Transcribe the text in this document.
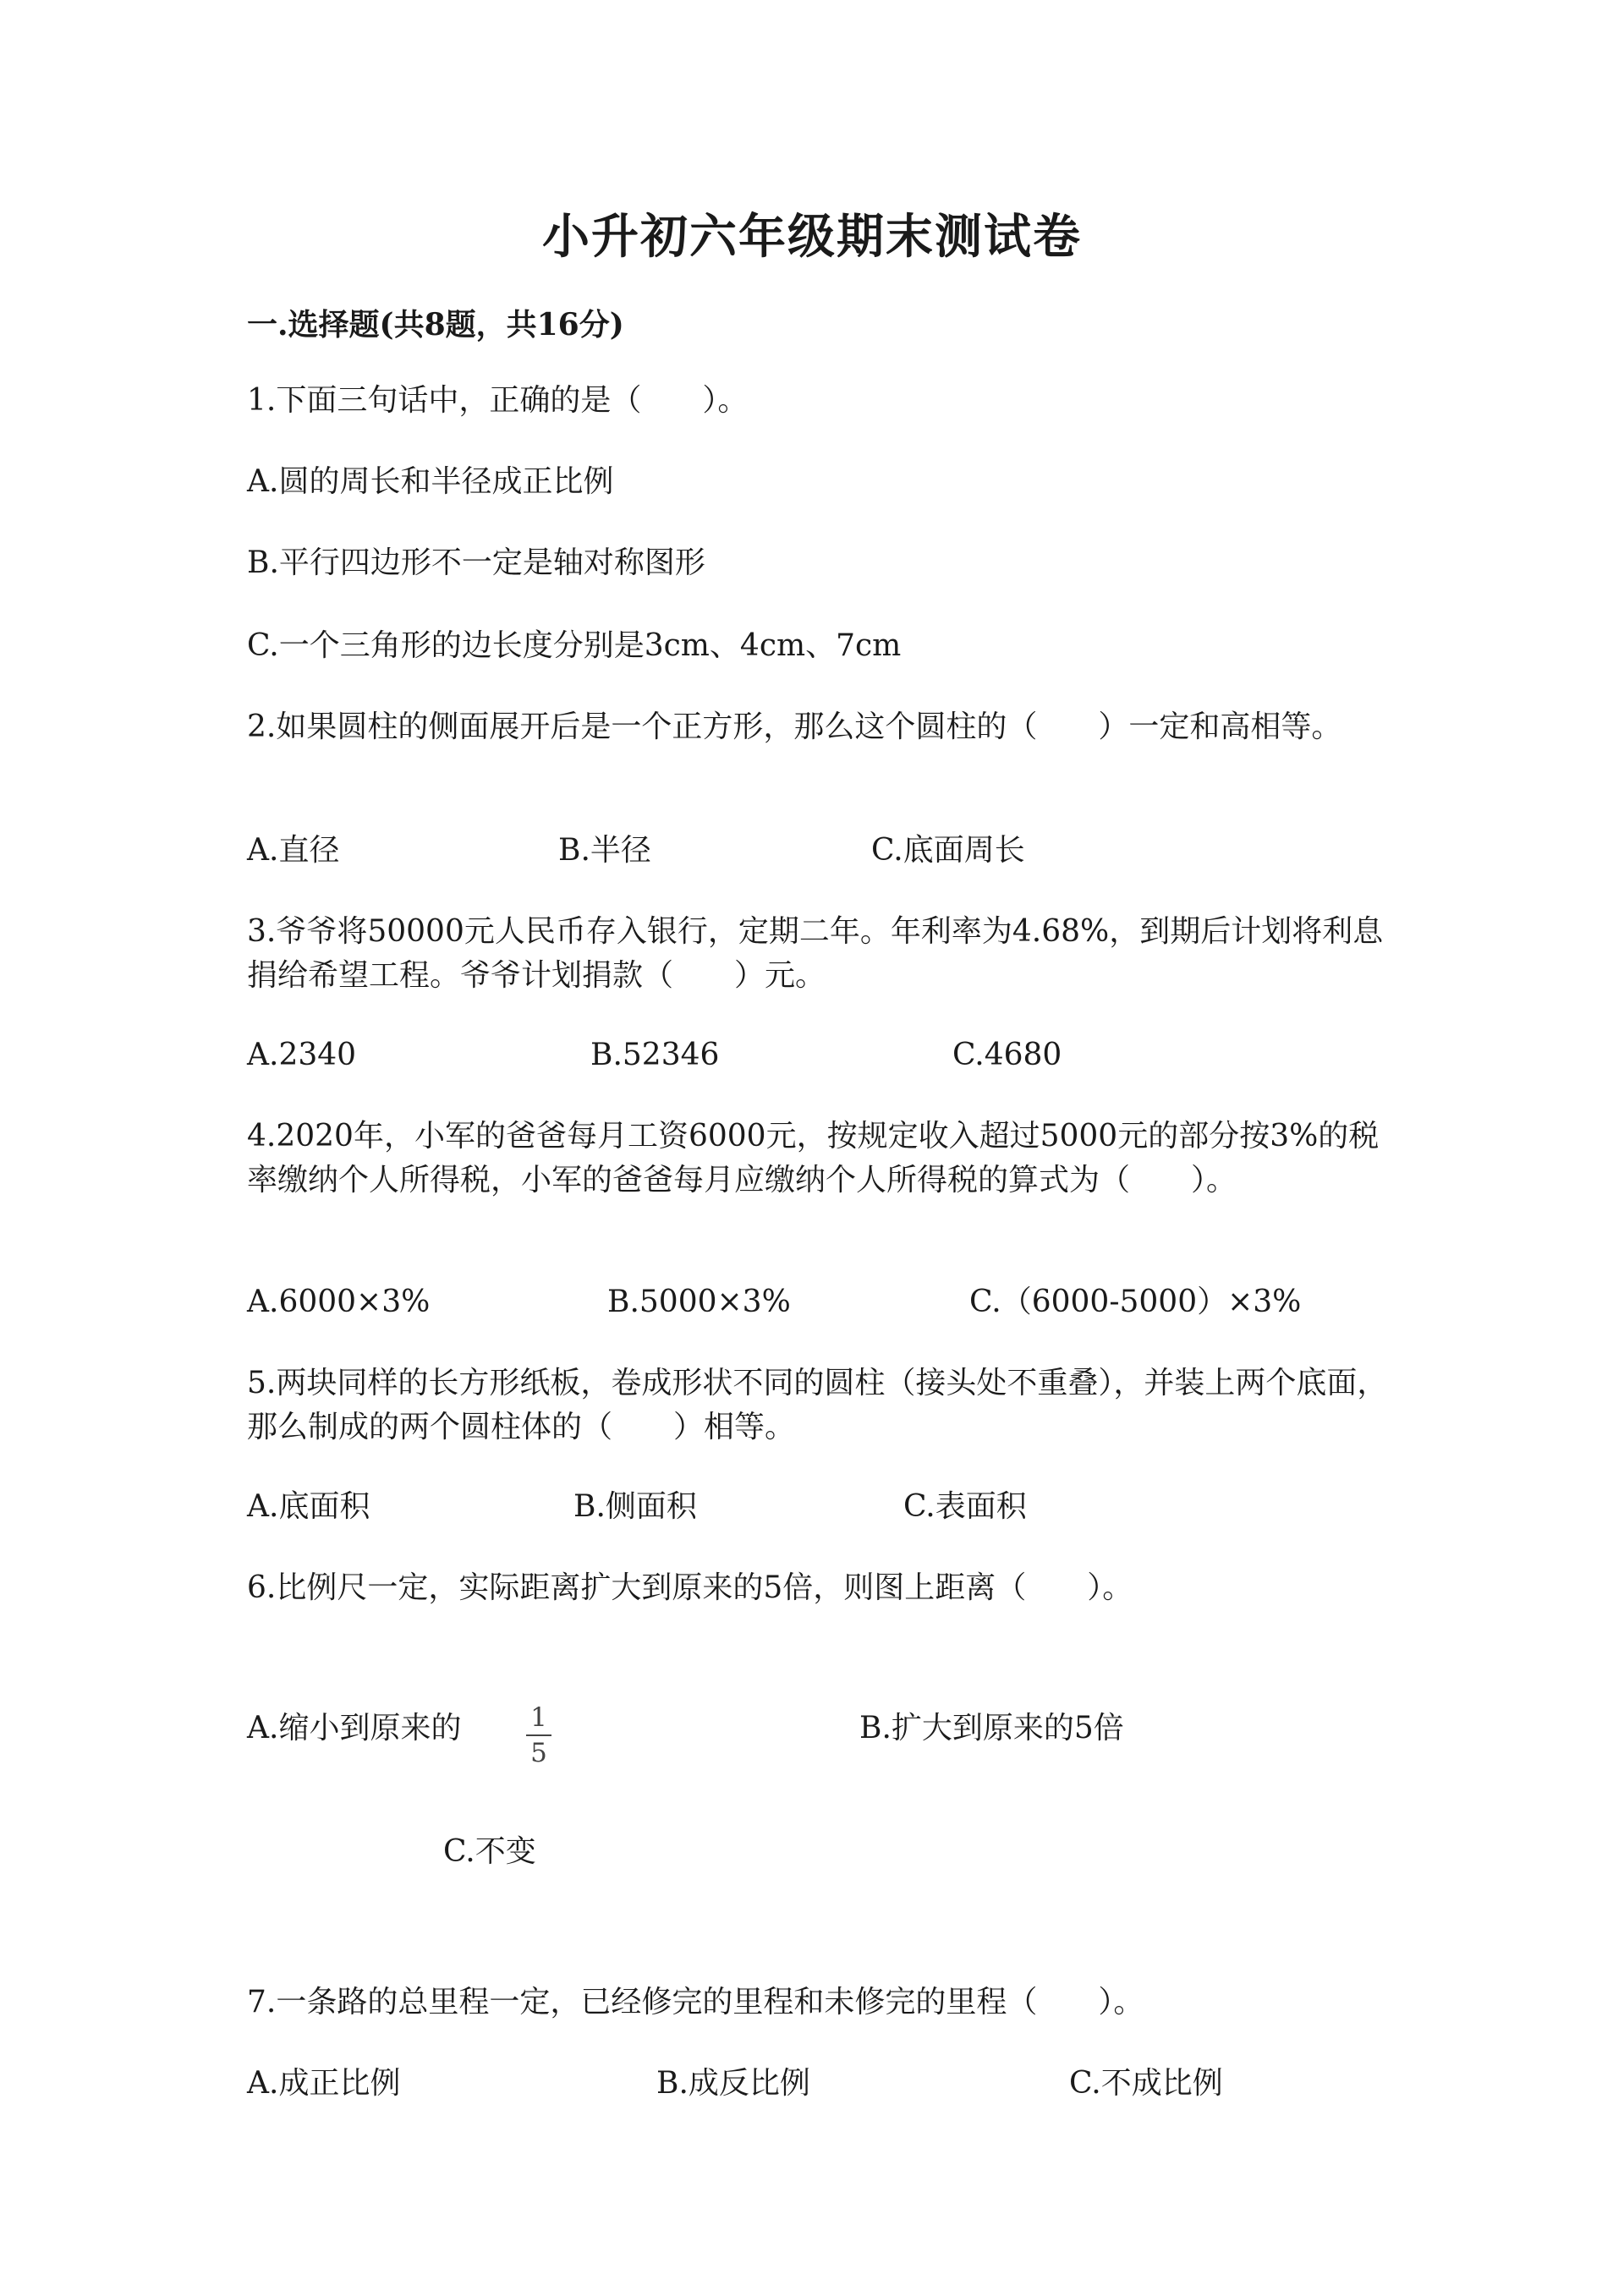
小升初六年级期末测试卷
一.选择题(共8题，共16分)
1.下面三句话中，正确的是（　　）。
A.圆的周长和半径成正比例
B.平行四边形不一定是轴对称图形
C.一个三角形的边长度分别是3cm、4cm、7cm
2.如果圆柱的侧面展开后是一个正方形，那么这个圆柱的（　　）一定和高相等。
A.直径	B.半径	C.底面周长
3.爷爷将50000元人民币存入银行，定期二年。年利率为4.68%，到期后计划将利息捐给希望工程。爷爷计划捐款（　　）元。
A.2340	B.52346	C.4680
4.2020年，小军的爸爸每月工资6000元，按规定收入超过5000元的部分按3%的税率缴纳个人所得税，小军的爸爸每月应缴纳个人所得税的算式为（　　）。
A.6000×3%	B.5000×3%	C.（6000-5000）×3%
5.两块同样的长方形纸板，卷成形状不同的圆柱（接头处不重叠），并装上两个底面，那么制成的两个圆柱体的（　　）相等。
A.底面积	B.侧面积	C.表面积
6.比例尺一定，实际距离扩大到原来的5倍，则图上距离（　　）。
A.缩小到原来的	1
5
B.扩大到原来的5倍
C.不变
7.一条路的总里程一定，已经修完的里程和未修完的里程（　　）。
A.成正比例	B.成反比例	C.不成比例
